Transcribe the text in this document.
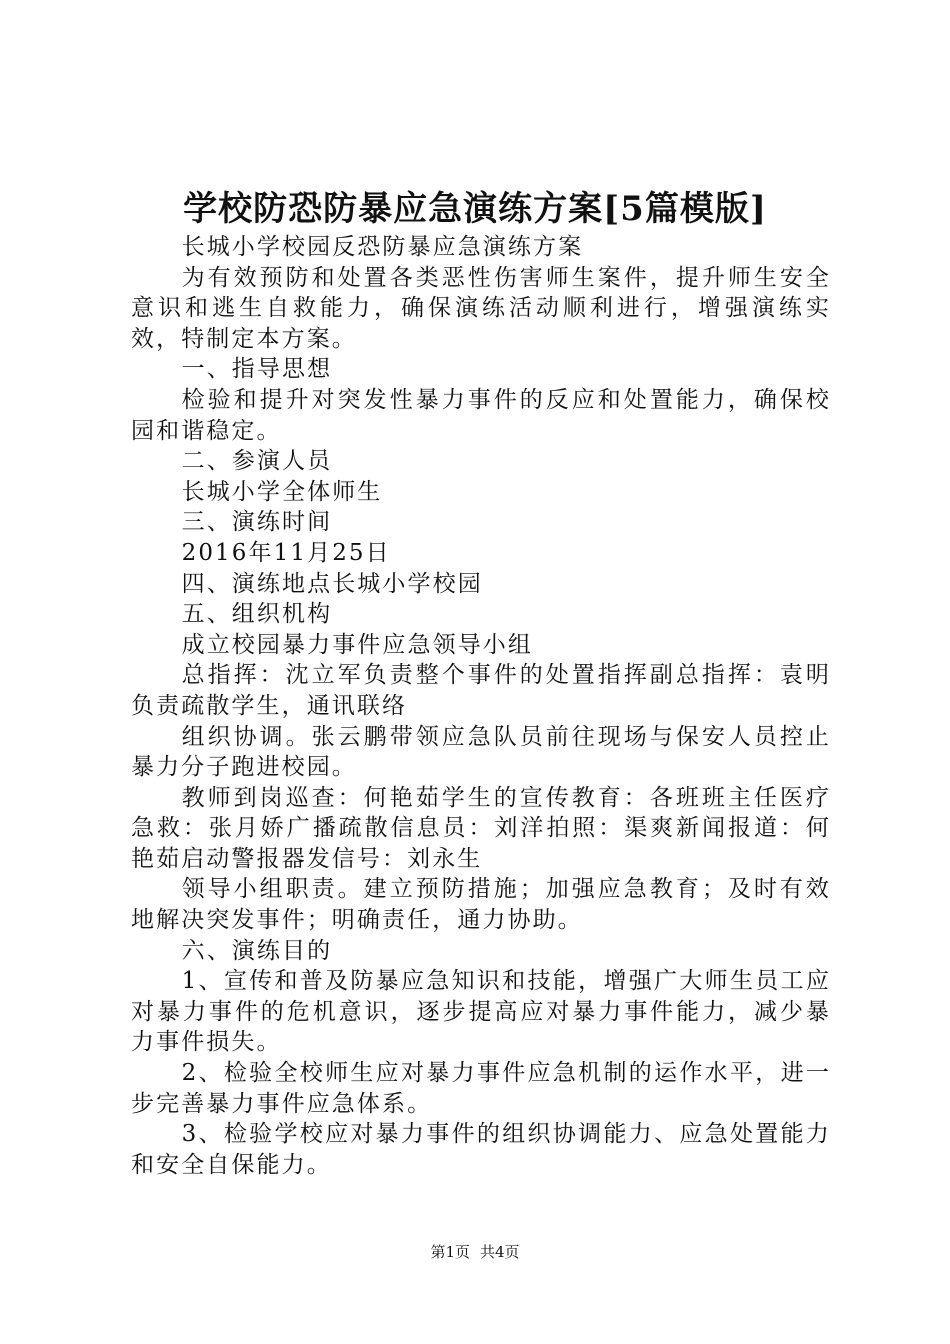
学校防恐防暴应急演练方案[5篇模版]

长城小学校园反恐防暴应急演练方案

为有效预防和处置各类恶性伤害师生案件，提升师生安全意识和逃生自救能力，确保演练活动顺利进行，增强演练实效，特制定本方案。

一、指导思想

检验和提升对突发性暴力事件的反应和处置能力，确保校园和谐稳定。

二、参演人员

长城小学全体师生

三、演练时间

2016年11月25日

四、演练地点长城小学校园

五、组织机构

成立校园暴力事件应急领导小组

总指挥：沈立军负责整个事件的处置指挥副总指挥：袁明负责疏散学生，通讯联络

组织协调。张云鹏带领应急队员前往现场与保安人员控止暴力分子跑进校园。

教师到岗巡查：何艳茹学生的宣传教育：各班班主任医疗急救：张月娇广播疏散信息员：刘洋拍照：渠爽新闻报道：何艳茹启动警报器发信号：刘永生

领导小组职责。建立预防措施；加强应急教育；及时有效地解决突发事件；明确责任，通力协助。

六、演练目的

1、宣传和普及防暴应急知识和技能，增强广大师生员工应对暴力事件的危机意识，逐步提高应对暴力事件能力，减少暴力事件损失。

2、检验全校师生应对暴力事件应急机制的运作水平，进一步完善暴力事件应急体系。

3、检验学校应对暴力事件的组织协调能力、应急处置能力和安全自保能力。

第1页 共4页
